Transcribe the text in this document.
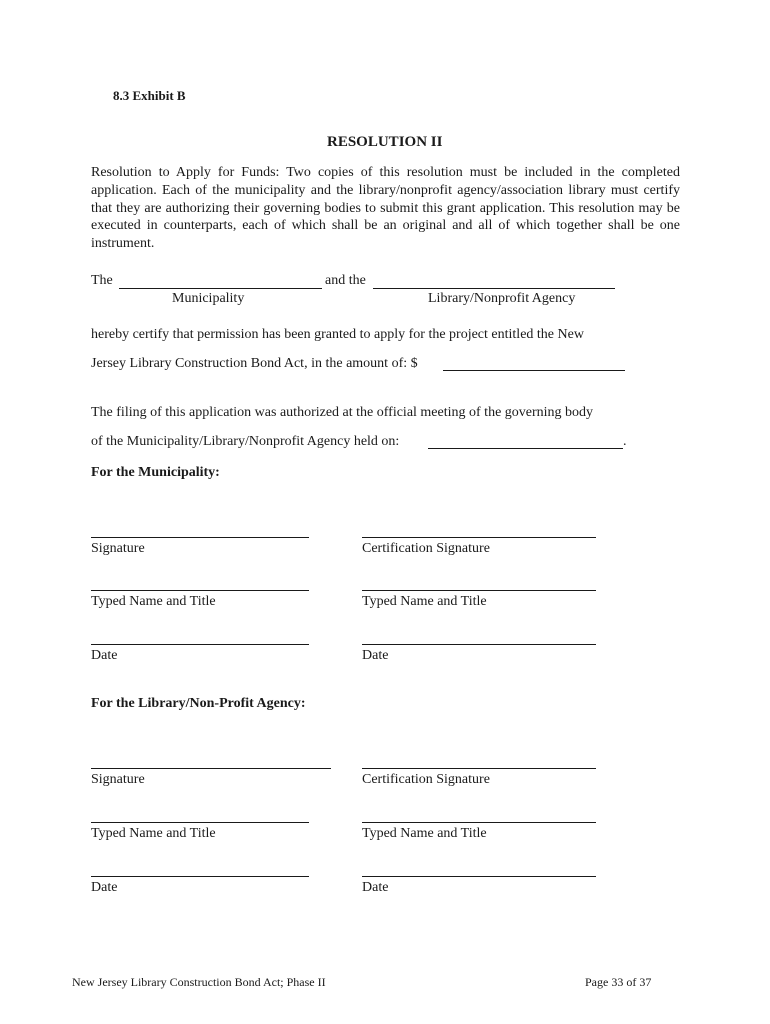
8.3 Exhibit B
RESOLUTION II
Resolution to Apply for Funds: Two copies of this resolution must be included in the completed application. Each of the municipality and the library/nonprofit agency/association library must certify that they are authorizing their governing bodies to submit this grant application. This resolution may be executed in counterparts, each of which shall be an original and all of which together shall be one instrument.
The	and the
Municipality	Library/Nonprofit Agency
hereby certify that permission has been granted to apply for the project entitled the New
Jersey Library Construction Bond Act, in the amount of: $
The filing of this application was authorized at the official meeting of the governing body
of the Municipality/Library/Nonprofit Agency held on:	.
For the Municipality:
Signature	Certification Signature
Typed Name and Title	Typed Name and Title
Date	Date
For the Library/Non-Profit Agency:
Signature	Certification Signature
Typed Name and Title	Typed Name and Title
Date	Date
New Jersey Library Construction Bond Act; Phase II	Page 33 of 37
